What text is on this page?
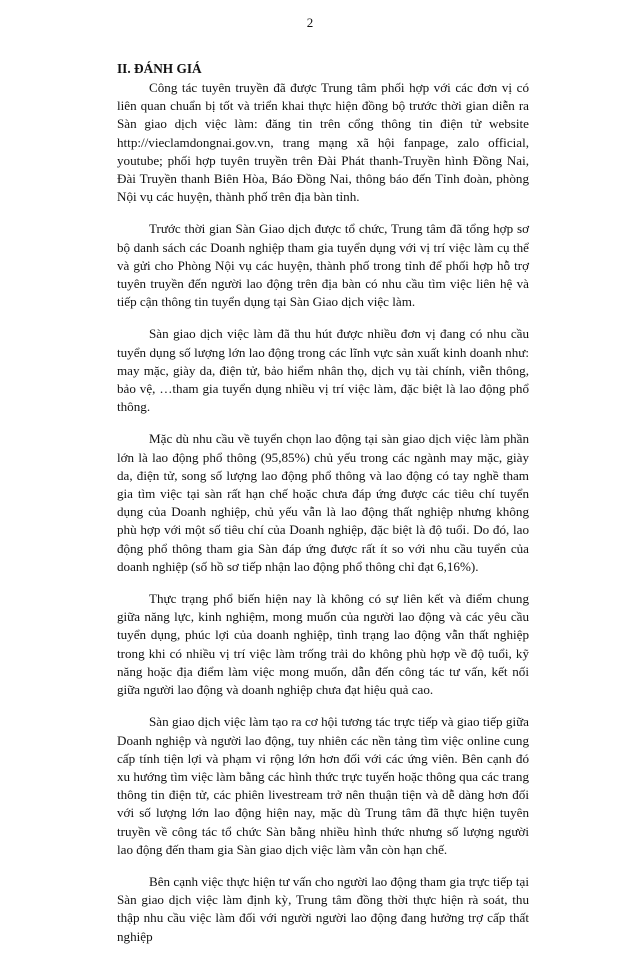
2
II. ĐÁNH GIÁ

Công tác tuyên truyền đã được Trung tâm phối hợp với các đơn vị có liên quan chuẩn bị tốt và triển khai thực hiện đồng bộ trước thời gian diễn ra Sàn giao dịch việc làm: đăng tin trên cổng thông tin điện tử website http://vieclamdongnai.gov.vn, trang mạng xã hội fanpage, zalo official, youtube; phối hợp tuyên truyền trên Đài Phát thanh-Truyền hình Đồng Nai, Đài Truyền thanh Biên Hòa, Báo Đồng Nai, thông báo đến Tỉnh đoàn, phòng Nội vụ các huyện, thành phố trên địa bàn tỉnh.

Trước thời gian Sàn Giao dịch được tổ chức, Trung tâm đã tổng hợp sơ bộ danh sách các Doanh nghiệp tham gia tuyển dụng với vị trí việc làm cụ thể và gửi cho Phòng Nội vụ các huyện, thành phố trong tỉnh để phối hợp hỗ trợ tuyên truyền đến người lao động trên địa bàn có nhu cầu tìm việc liên hệ và tiếp cận thông tin tuyển dụng tại Sàn Giao dịch việc làm.

Sàn giao dịch việc làm đã thu hút được nhiều đơn vị đang có nhu cầu tuyển dụng số lượng lớn lao động trong các lĩnh vực sản xuất kinh doanh như: may mặc, giày da, điện tử, bảo hiểm nhân thọ, dịch vụ tài chính, viễn thông, bảo vệ, …tham gia tuyển dụng nhiều vị trí việc làm, đặc biệt là lao động phổ thông.

Mặc dù nhu cầu về tuyển chọn lao động tại sàn giao dịch việc làm phần lớn là lao động phổ thông (95,85%) chủ yếu trong các ngành may mặc, giày da, điện tử, song số lượng lao động phổ thông và lao động có tay nghề tham gia tìm việc tại sàn rất hạn chế hoặc chưa đáp ứng được các tiêu chí tuyển dụng của Doanh nghiệp, chủ yếu vẫn là lao động thất nghiệp nhưng không phù hợp với một số tiêu chí của Doanh nghiệp, đặc biệt là độ tuổi. Do đó, lao động phổ thông tham gia Sàn đáp ứng được rất ít so với nhu cầu tuyển của doanh nghiệp (số hồ sơ tiếp nhận lao động phổ thông chỉ đạt 6,16%).

Thực trạng phổ biến hiện nay là không có sự liên kết và điểm chung giữa năng lực, kinh nghiệm, mong muốn của người lao động và các yêu cầu tuyển dụng, phúc lợi của doanh nghiệp, tình trạng lao động vẫn thất nghiệp trong khi có nhiều vị trí việc làm trống trải do không phù hợp về độ tuổi, kỹ năng hoặc địa điểm làm việc mong muốn, dẫn đến công tác tư vấn, kết nối giữa người lao động và doanh nghiệp chưa đạt hiệu quả cao.

Sàn giao dịch việc làm tạo ra cơ hội tương tác trực tiếp và giao tiếp giữa Doanh nghiệp và người lao động, tuy nhiên các nền tảng tìm việc online cung cấp tính tiện lợi và phạm vi rộng lớn hơn đối với các ứng viên. Bên cạnh đó xu hướng tìm việc làm bằng các hình thức trực tuyến hoặc thông qua các trang thông tin điện tử, các phiên livestream trở nên thuận tiện và dễ dàng hơn đối với số lượng lớn lao động hiện nay, mặc dù Trung tâm đã thực hiện tuyên truyền về công tác tổ chức Sàn bằng nhiều hình thức nhưng số lượng người lao động đến tham gia Sàn giao dịch việc làm vẫn còn hạn chế.

Bên cạnh việc thực hiện tư vấn cho người lao động tham gia trực tiếp tại Sàn giao dịch việc làm định kỳ, Trung tâm đồng thời thực hiện rà soát, thu thập nhu cầu việc làm đối với người người lao động đang hưởng trợ cấp thất nghiệp
